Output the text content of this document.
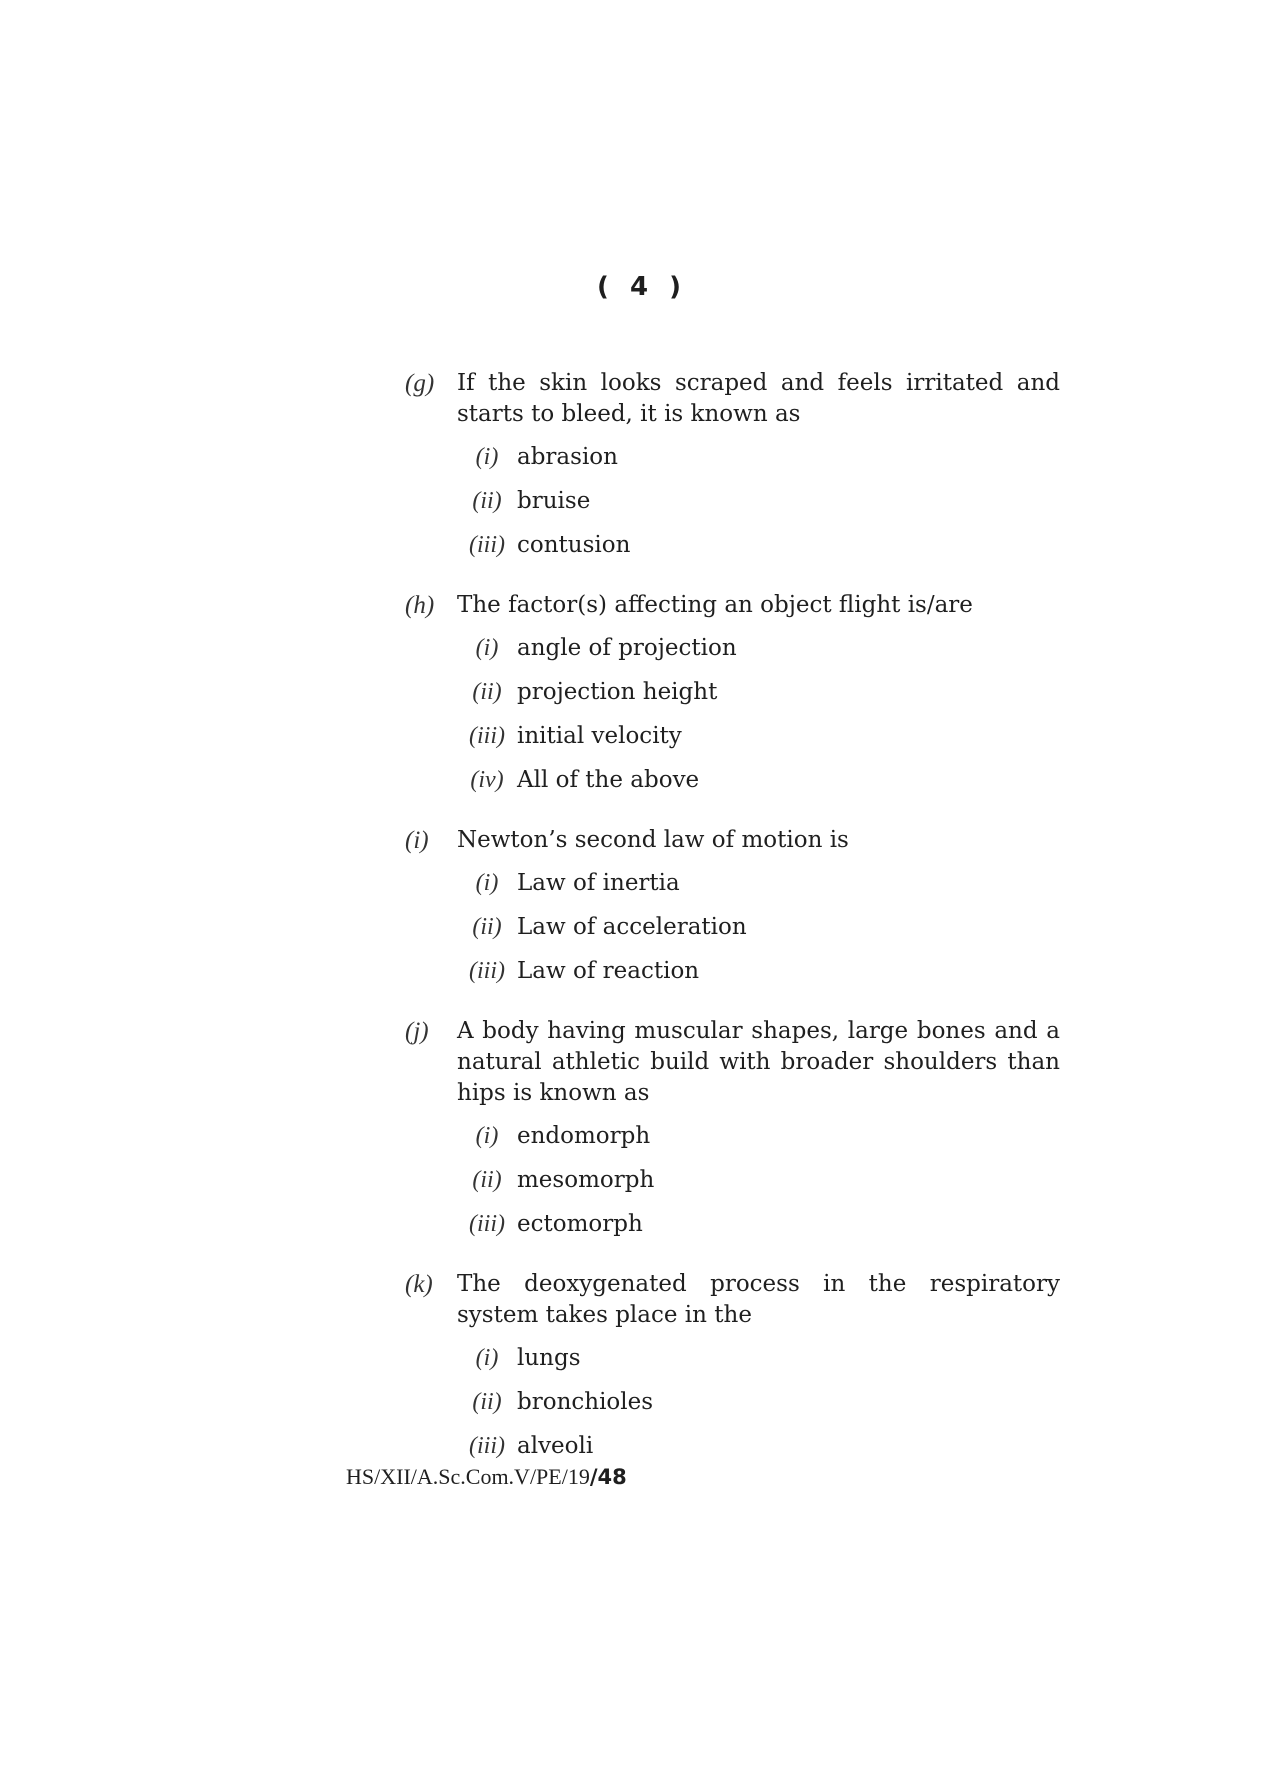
( 4 )
(g) If the skin looks scraped and feels irritated and starts to bleed, it is known as

(i) abrasion
(ii) bruise
(iii) contusion
(h) The factor(s) affecting an object flight is/are

(i) angle of projection
(ii) projection height
(iii) initial velocity
(iv) All of the above
(i)	Newton’s second law of motion is

(i) Law of inertia
(ii) Law of acceleration
(iii) Law of reaction
(j)	A body having muscular shapes, large bones and a natural athletic build with broader shoulders than hips is known as

(i) endomorph
(ii) mesomorph
(iii) ectomorph
(k)	The deoxygenated process in the respiratory system takes place in the

(i) lungs
(ii) bronchioles
(iii) alveoli
HS/XII/A.Sc.Com.V/PE/19/48
